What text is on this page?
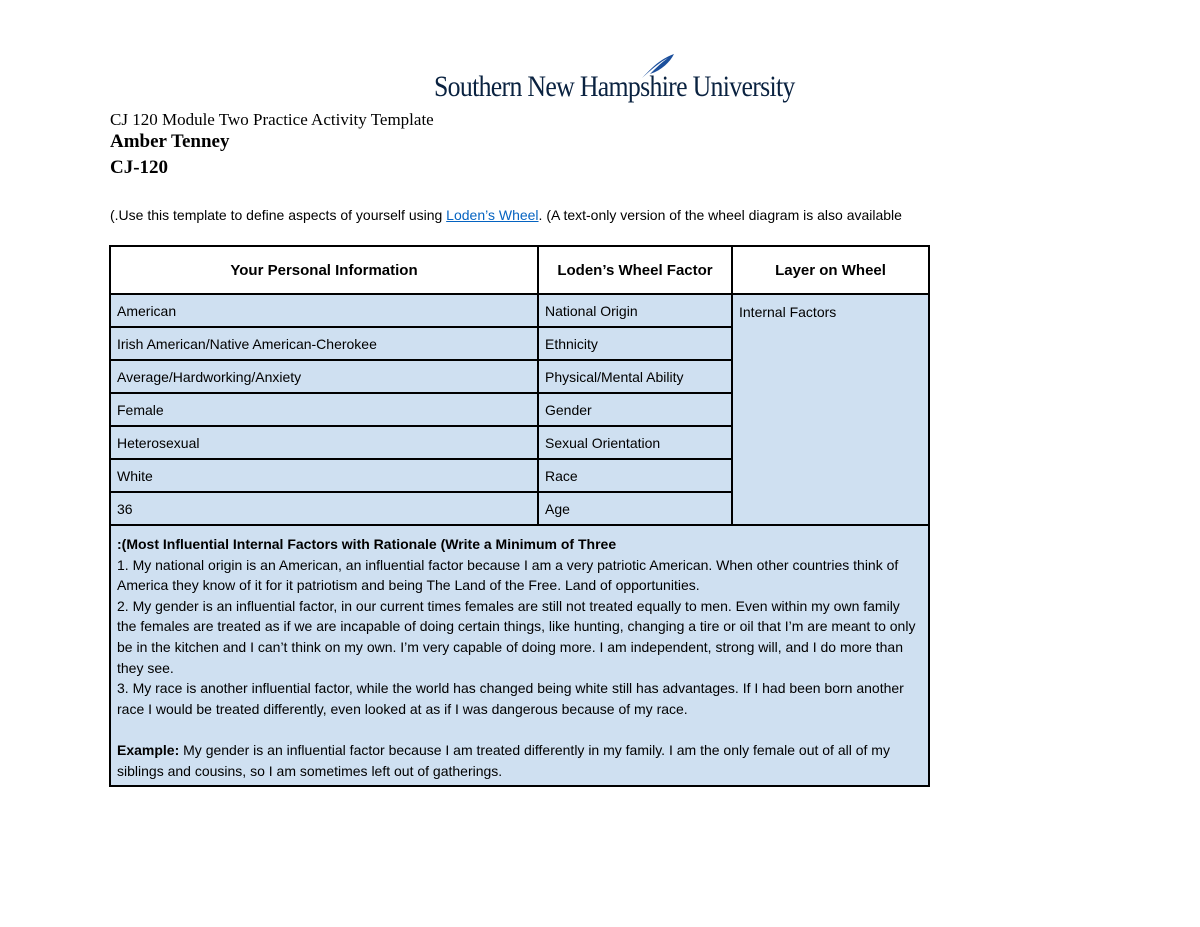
Southern New Hampshire University
CJ 120 Module Two Practice Activity Template
Amber Tenney
CJ-120
(.Use this template to define aspects of yourself using Loden’s Wheel. (A text-only version of the wheel diagram is also available
Your Personal Information	Loden’s Wheel Factor	Layer on Wheel
American	National Origin	Internal Factors
Irish American/Native American-Cherokee	Ethnicity	
Average/Hardworking/Anxiety	Physical/Mental Ability	
Female	Gender	
Heterosexual	Sexual Orientation	
White	Race	
36	Age	

:(Most Influential Internal Factors with Rationale (Write a Minimum of Three
1. My national origin is an American, an influential factor because I am a very patriotic American. When other countries think of America they know of it for it patriotism and being The Land of the Free. Land of opportunities.
2. My gender is an influential factor, in our current times females are still not treated equally to men. Even within my own family the females are treated as if we are incapable of doing certain things, like hunting, changing a tire or oil that I’m are meant to only be in the kitchen and I can’t think on my own. I’m very capable of doing more. I am independent, strong will, and I do more than they see.
3. My race is another influential factor, while the world has changed being white still has advantages. If I had been born another race I would be treated differently, even looked at as if I was dangerous because of my race.
Example: My gender is an influential factor because I am treated differently in my family. I am the only female out of all of my siblings and cousins, so I am sometimes left out of gatherings.		
